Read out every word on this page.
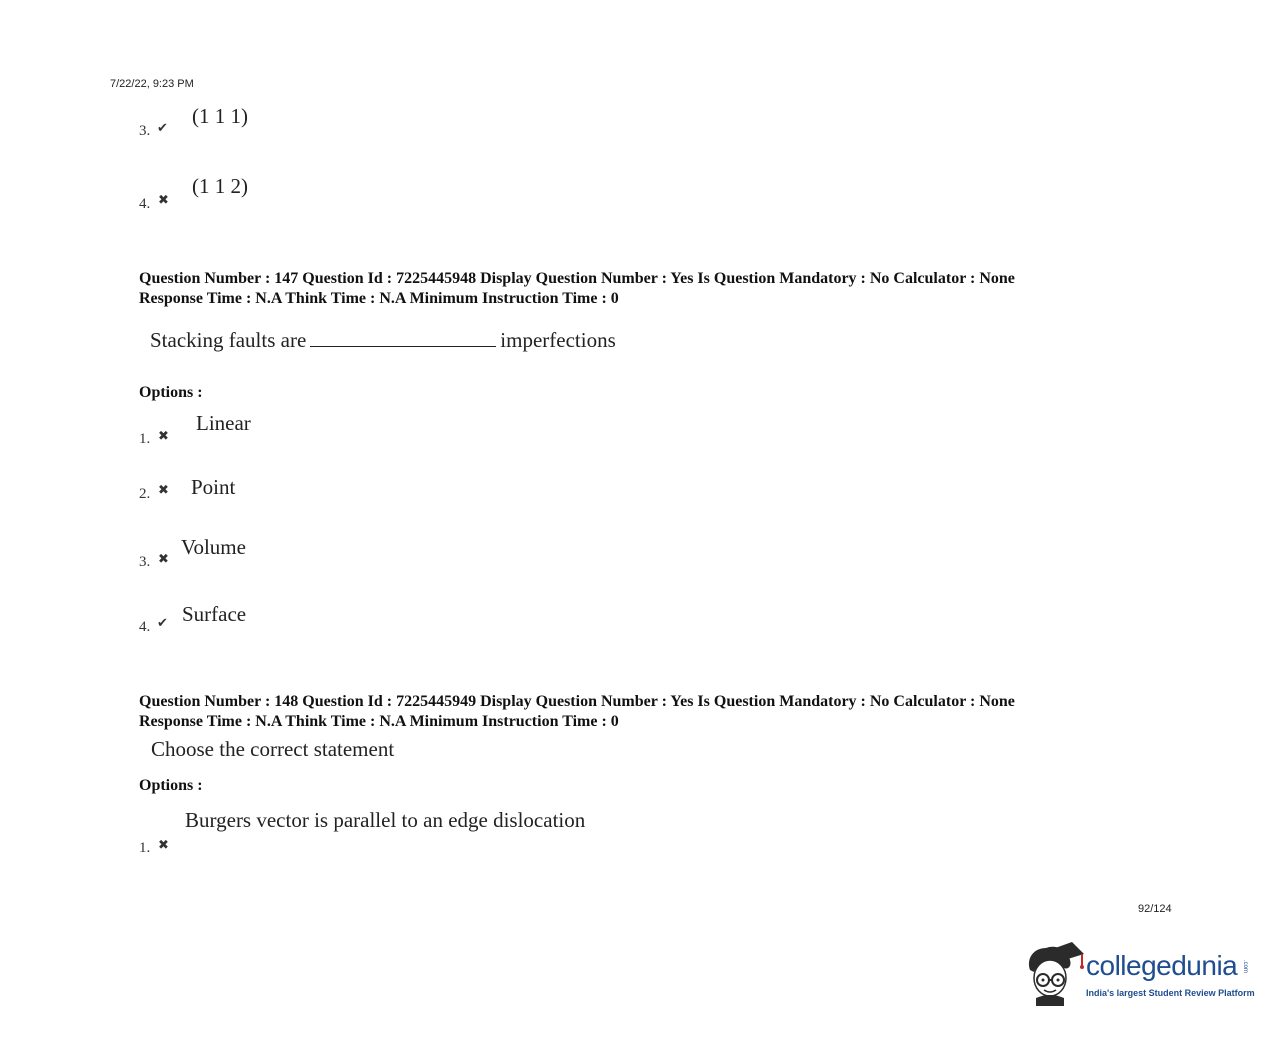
7/22/22, 9:23 PM
3. ✔
(1 1 1)
4. ✖
(1 1 2)
Question Number : 147 Question Id : 7225445948 Display Question Number : Yes Is Question Mandatory : No Calculator : None
Response Time : N.A Think Time : N.A Minimum Instruction Time : 0
Stacking faults are	imperfections
Options :
1. ✖
Linear
2. ✖ Point
3. ✖
Volume
4. ✔ Surface
Question Number : 148 Question Id : 7225445949 Display Question Number : Yes Is Question Mandatory : No Calculator : None
Response Time : N.A Think Time : N.A Minimum Instruction Time : 0
Choose the correct statement
Options :
1. ✖
Burgers vector is parallel to an edge dislocation
92/124
collegedunia .com
India's largest Student Review Platform
